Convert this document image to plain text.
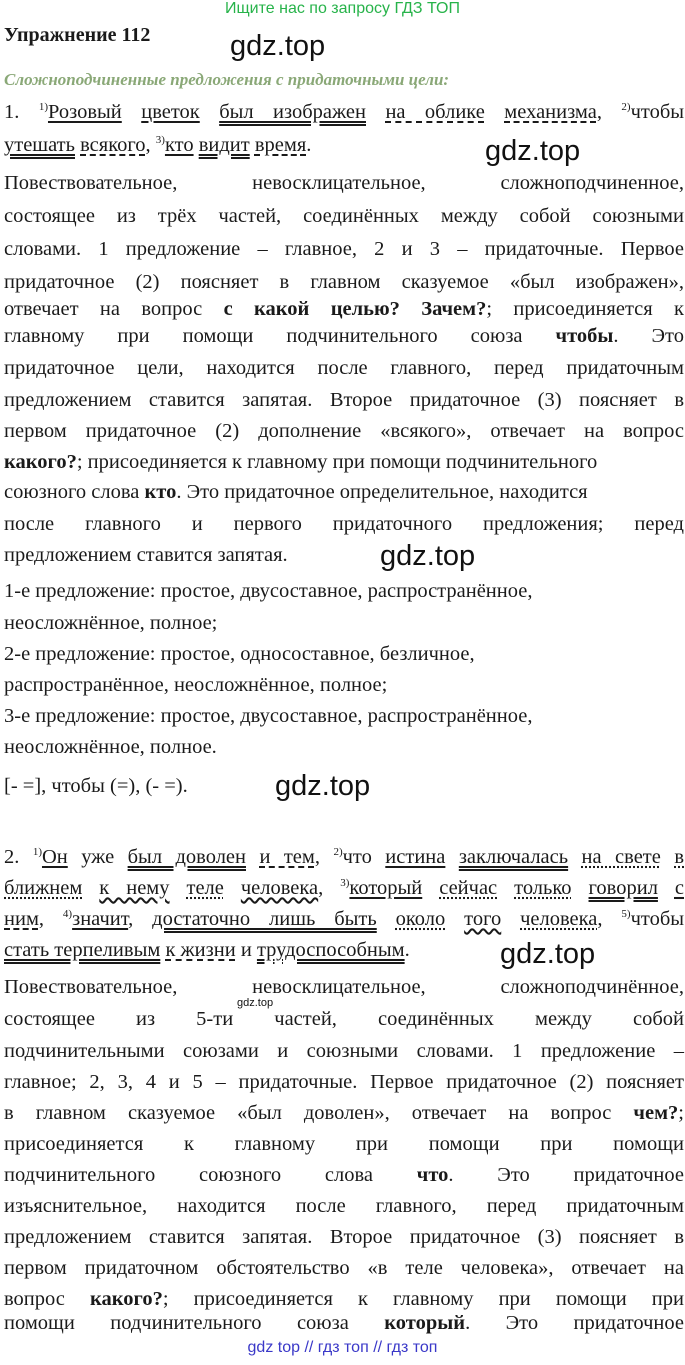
Ищите нас по запросу ГДЗ ТОП
Упражнение 112	gdz.top
Сложноподчиненные предложения с придаточными цели:
1. $^{1)}$Розовый цветок был изображен на облике механизма, $^{2)}$чтобы
утешать всякого, $^{3)}$кто видит время.	gdz.top
Повествовательное, невосклицательное, сложноподчиненное,
состоящее из трёх частей, соединённых между собой союзными
словами. 1 предложение – главное, 2 и 3 – придаточные. Первое
придаточное (2) поясняет в главном сказуемое «был изображен»,
отвечает на вопрос с какой целью? Зачем?; присоединяется к
главному при помощи подчинительного союза чтобы. Это
придаточное цели, находится после главного, перед придаточным
предложением ставится запятая. Второе придаточное (3) поясняет в
первом придаточное (2) дополнение «всякого», отвечает на вопрос
какого?; присоединяется к главному при помощи подчинительного
союзного слова кто. Это придаточное определительное, находится
после главного и первого придаточного предложения; перед
предложением ставится запятая.	gdz.top
1-е предложение: простое, двусоставное, распространённое,
неосложнённое, полное;
2-е предложение: простое, односоставное, безличное,
распространённое, неосложнённое, полное;
3-е предложение: простое, двусоставное, распространённое,
неосложнённое, полное.
[- =], чтобы (=), (- =).	gdz.top
2. $^{1)}$Он уже был доволен и тем, $^{2)}$что истина заключалась на свете в
ближнем к нему теле человека, $^{3)}$который сейчас только говорил с
ним, $^{4)}$значит, достаточно лишь быть около того человека, $^{5)}$чтобы
стать терпеливым к жизни и трудоспособным.	gdz.top
Повествовательное, невосклицательное, сложноподчинённое,
gdz.top
состоящее из 5-ти частей, соединённых между собой
подчинительными союзами и союзными словами. 1 предложение –
главное; 2, 3, 4 и 5 – придаточные. Первое придаточное (2) поясняет
в главном сказуемое «был доволен», отвечает на вопрос чем?;
присоединяется к главному при помощи при помощи
подчинительного союзного слова что. Это придаточное
изъяснительное, находится после главного, перед придаточным
предложением ставится запятая. Второе придаточное (3) поясняет в
первом придаточном обстоятельство «в теле человека», отвечает на
вопрос какого?; присоединяется к главному при помощи при
помощи подчинительного союза который. Это придаточное
gdz top // гдз топ // гдз топ
